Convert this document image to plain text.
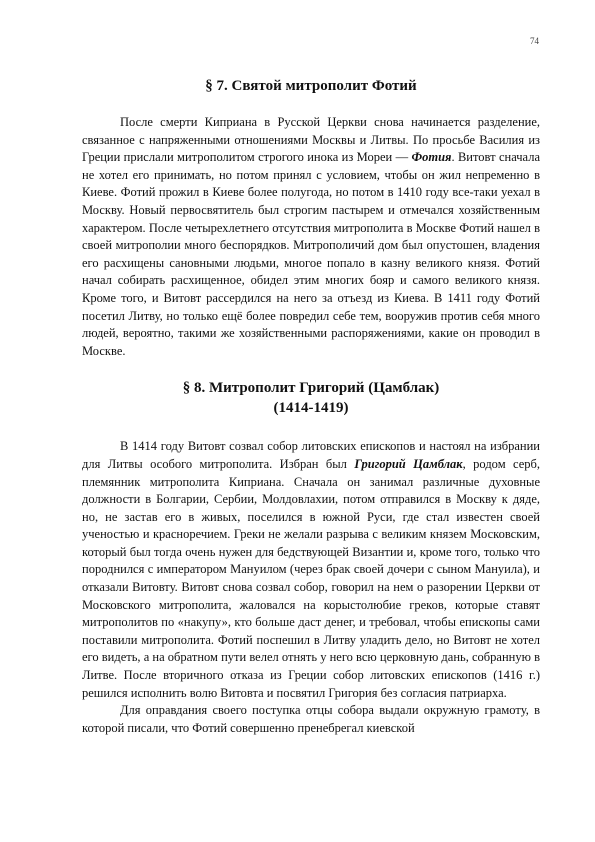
74
§ 7. Святой митрополит Фотий

После смерти Киприана в Русской Церкви снова начинается разделение, связанное с напряженными отношениями Москвы и Литвы. По просьбе Василия из Греции прислали митрополитом строгого инока из Мореи — Фотия. Витовт сначала не хотел его принимать, но потом принял с условием, чтобы он жил непременно в Киеве. Фотий прожил в Киеве более полугода, но потом в 1410 году все-таки уехал в Москву. Новый первосвятитель был строгим пастырем и отмечался хозяйственным характером. После четырехлетнего отсутствия митрополита в Москве Фотий нашел в своей митрополии много беспорядков. Митрополичий дом был опустошен, владения его расхищены сановными людьми, многое попало в казну великого князя. Фотий начал собирать расхищенное, обидел этим многих бояр и самого великого князя. Кроме того, и Витовт рассердился на него за отъезд из Киева. В 1411 году Фотий посетил Литву, но только ещё более повредил себе тем, вооружив против себя много людей, вероятно, такими же хозяйственными распоряжениями, какие он проводил в Москве.

§ 8. Митрополит Григорий (Цамблак)
(1414-1419)

В 1414 году Витовт созвал собор литовских епископов и настоял на избрании для Литвы особого митрополита. Избран был Григорий Цамблак, родом серб, племянник митрополита Киприана. Сначала он занимал различные духовные должности в Болгарии, Сербии, Молдовлахии, потом отправился в Москву к дяде, но, не застав его в живых, поселился в южной Руси, где стал известен своей ученостью и красноречием. Греки не желали разрыва с великим князем Московским, который был тогда очень нужен для бедствующей Византии и, кроме того, только что породнился с императором Мануилом (через брак своей дочери с сыном Мануила), и отказали Витовту. Витовт снова созвал собор, говорил на нем о разорении Церкви от Московского митрополита, жаловался на корыстолюбие греков, которые ставят митрополитов по «накупу», кто больше даст денег, и требовал, чтобы епископы сами поставили митрополита. Фотий поспешил в Литву уладить дело, но Витовт не хотел его видеть, а на обратном пути велел отнять у него всю церковную дань, собранную в Литве. После вторичного отказа из Греции собор литовских епископов (1416 г.) решился исполнить волю Витовта и посвятил Григория без согласия патриарха.

Для оправдания своего поступка отцы собора выдали окружную грамоту, в которой писали, что Фотий совершенно пренебрегал киевской
